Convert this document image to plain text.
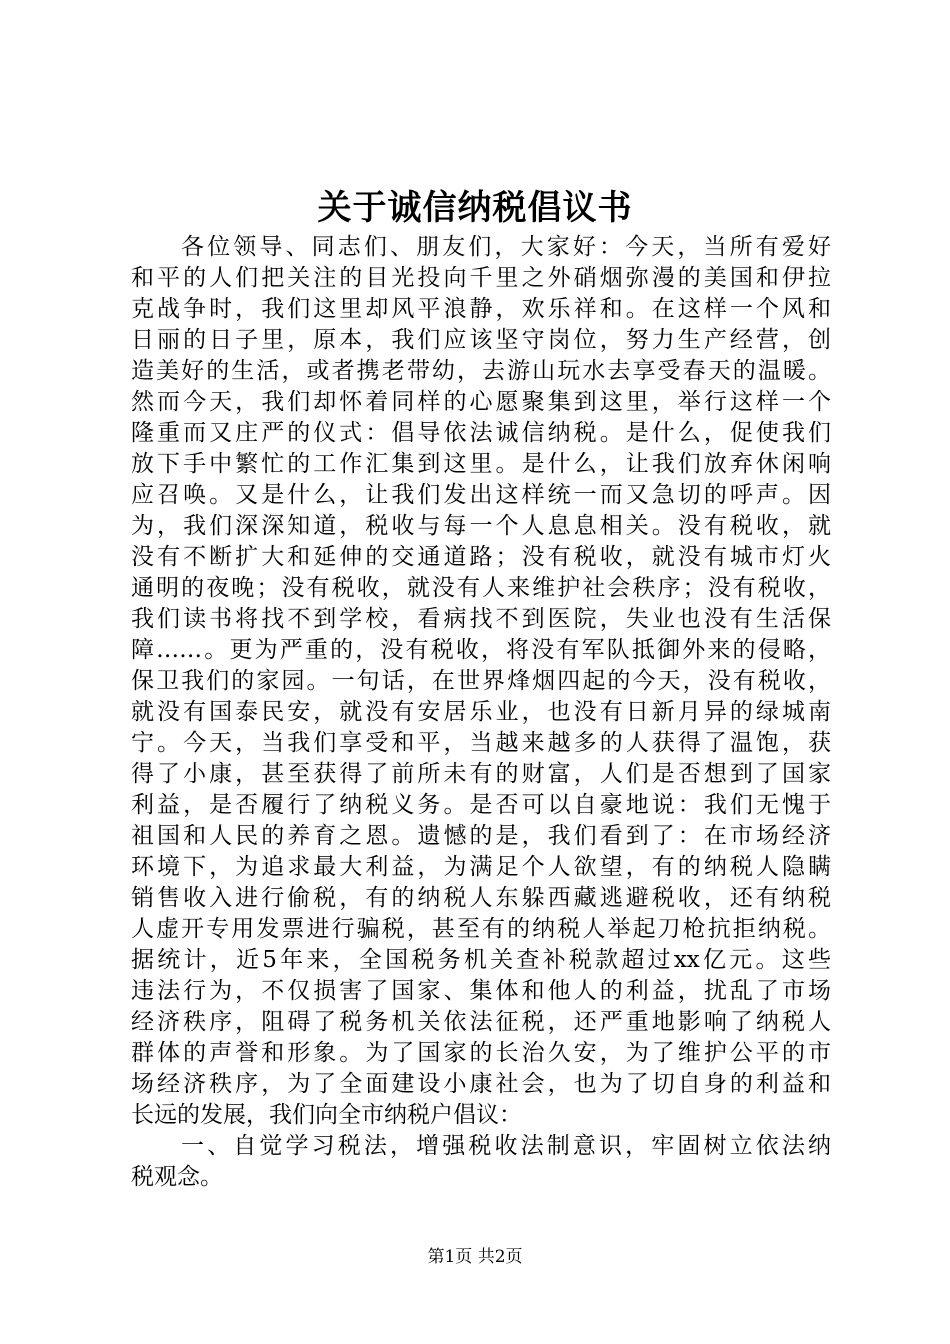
关于诚信纳税倡议书
各位领导、同志们、朋友们，大家好：今天，当所有爱好
和平的人们把关注的目光投向千里之外硝烟弥漫的美国和伊拉
克战争时，我们这里却风平浪静，欢乐祥和。在这样一个风和
日丽的日子里，原本，我们应该坚守岗位，努力生产经营，创
造美好的生活，或者携老带幼，去游山玩水去享受春天的温暖。
然而今天，我们却怀着同样的心愿聚集到这里，举行这样一个
隆重而又庄严的仪式：倡导依法诚信纳税。是什么，促使我们
放下手中繁忙的工作汇集到这里。是什么，让我们放弃休闲响
应召唤。又是什么，让我们发出这样统一而又急切的呼声。因
为，我们深深知道，税收与每一个人息息相关。没有税收，就
没有不断扩大和延伸的交通道路；没有税收，就没有城市灯火
通明的夜晚；没有税收，就没有人来维护社会秩序；没有税收，
我们读书将找不到学校，看病找不到医院，失业也没有生活保
障……。更为严重的，没有税收，将没有军队抵御外来的侵略，
保卫我们的家园。一句话，在世界烽烟四起的今天，没有税收，
就没有国泰民安，就没有安居乐业，也没有日新月异的绿城南
宁。今天，当我们享受和平，当越来越多的人获得了温饱，获
得了小康，甚至获得了前所未有的财富，人们是否想到了国家
利益，是否履行了纳税义务。是否可以自豪地说：我们无愧于
祖国和人民的养育之恩。遗憾的是，我们看到了：在市场经济
环境下，为追求最大利益，为满足个人欲望，有的纳税人隐瞒
销售收入进行偷税，有的纳税人东躲西藏逃避税收，还有纳税
人虚开专用发票进行骗税，甚至有的纳税人举起刀枪抗拒纳税。
据统计，近5年来，全国税务机关查补税款超过xx亿元。这些
违法行为，不仅损害了国家、集体和他人的利益，扰乱了市场
经济秩序，阻碍了税务机关依法征税，还严重地影响了纳税人
群体的声誉和形象。为了国家的长治久安，为了维护公平的市
场经济秩序，为了全面建设小康社会，也为了切自身的利益和
长远的发展，我们向全市纳税户倡议：
一、自觉学习税法，增强税收法制意识，牢固树立依法纳
税观念。
第1页 共2页
